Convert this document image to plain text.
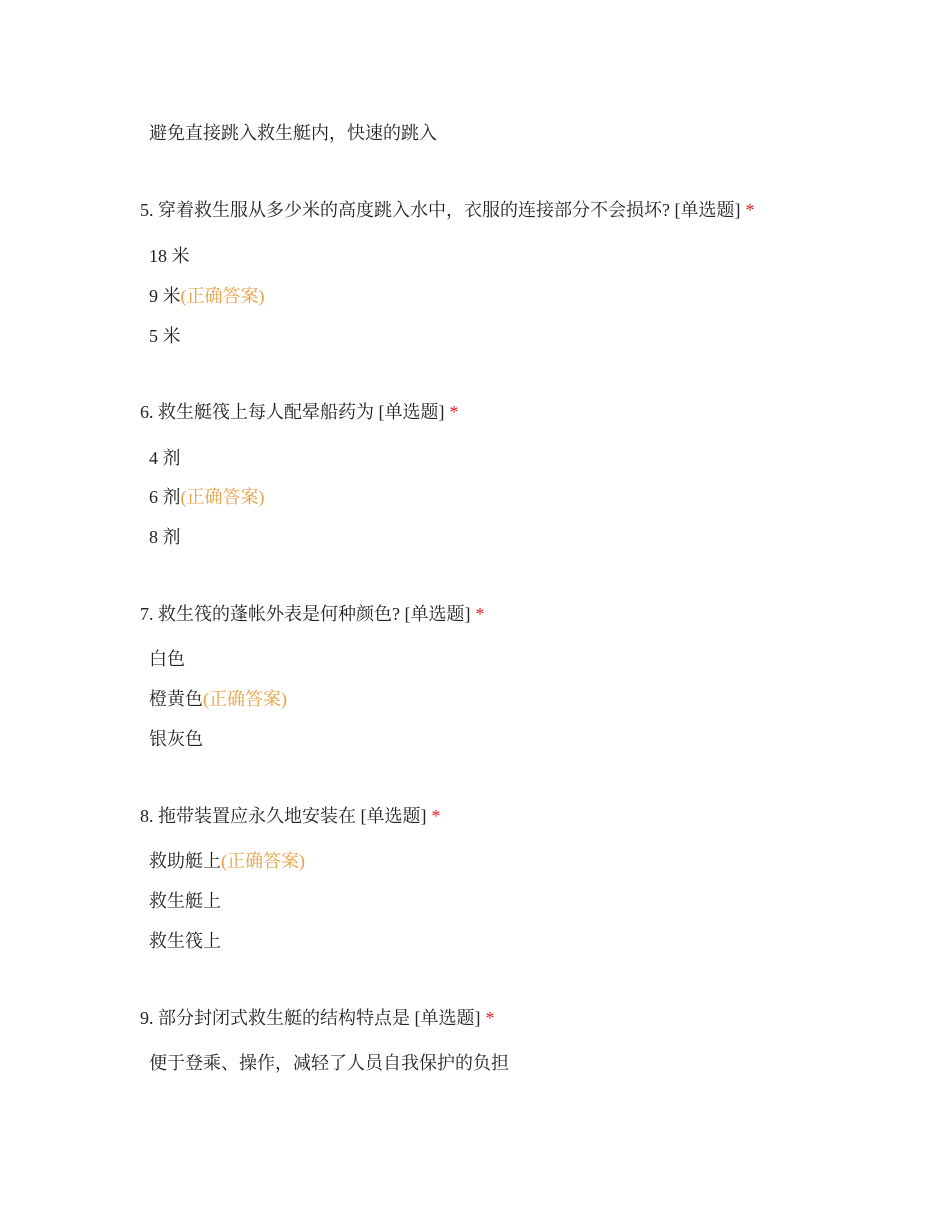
避免直接跳入救生艇内，快速的跳入
5. 穿着救生服从多少米的高度跳入水中，衣服的连接部分不会损坏? [单选题] *
18 米
9 米(正确答案)
5 米
6. 救生艇筏上每人配晕船药为 [单选题] *
4 剂
6 剂(正确答案)
8 剂
7. 救生筏的蓬帐外表是何种颜色? [单选题] *
白色
橙黄色(正确答案)
银灰色
8. 拖带装置应永久地安装在 [单选题] *
救助艇上(正确答案)
救生艇上
救生筏上
9. 部分封闭式救生艇的结构特点是 [单选题] *
便于登乘、操作，减轻了人员自我保护的负担
